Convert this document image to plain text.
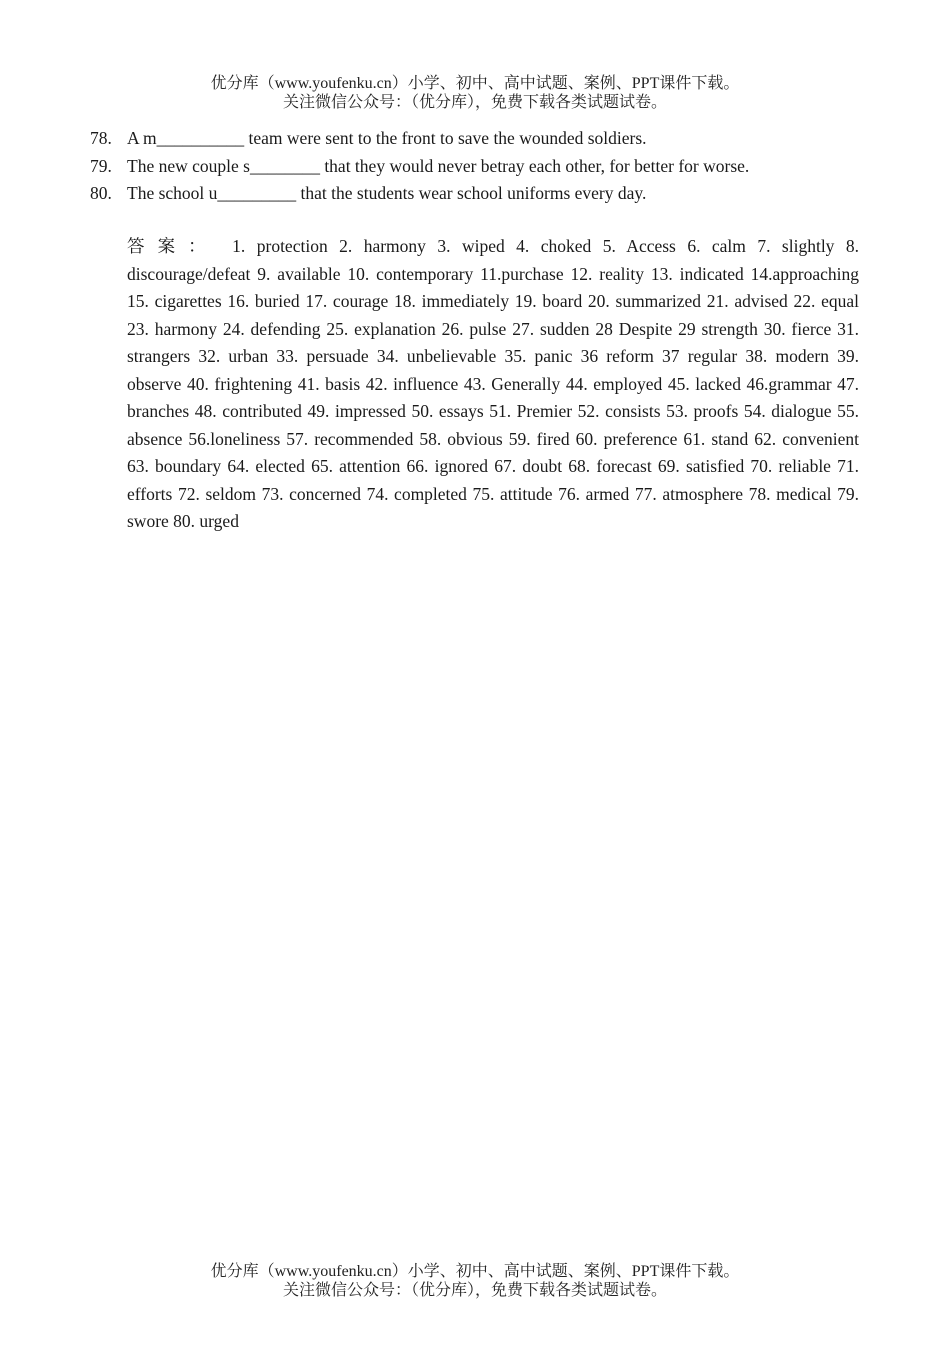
优分库（www.youfenku.cn）小学、初中、高中试题、案例、PPT课件下载。
关注微信公众号：（优分库），免费下载各类试题试卷。
78. A m__________ team were sent to the front to save the wounded soldiers.
79. The new couple s________ that they would never betray each other, for better for worse.
80. The school u_________ that the students wear school uniforms every day.
答案： 1. protection 2. harmony 3. wiped 4. choked 5. Access 6. calm 7. slightly 8. discourage/defeat 9. available 10. contemporary 11.purchase 12. reality 13. indicated 14.approaching 15. cigarettes 16. buried 17. courage 18. immediately 19. board 20. summarized 21. advised 22. equal 23. harmony 24. defending 25. explanation 26. pulse 27. sudden 28 Despite 29 strength 30. fierce 31. strangers 32. urban 33. persuade 34. unbelievable 35. panic 36 reform 37 regular 38. modern 39. observe 40. frightening 41. basis 42. influence 43. Generally 44. employed 45. lacked 46.grammar 47. branches 48. contributed 49. impressed 50. essays 51. Premier 52. consists 53. proofs 54. dialogue 55. absence 56.loneliness 57. recommended 58. obvious 59. fired 60. preference 61. stand 62. convenient 63. boundary 64. elected 65. attention 66. ignored 67. doubt 68. forecast 69. satisfied 70. reliable 71. efforts 72. seldom 73. concerned 74. completed 75. attitude 76. armed 77. atmosphere 78. medical 79. swore 80. urged
优分库（www.youfenku.cn）小学、初中、高中试题、案例、PPT课件下载。
关注微信公众号：（优分库），免费下载各类试题试卷。
